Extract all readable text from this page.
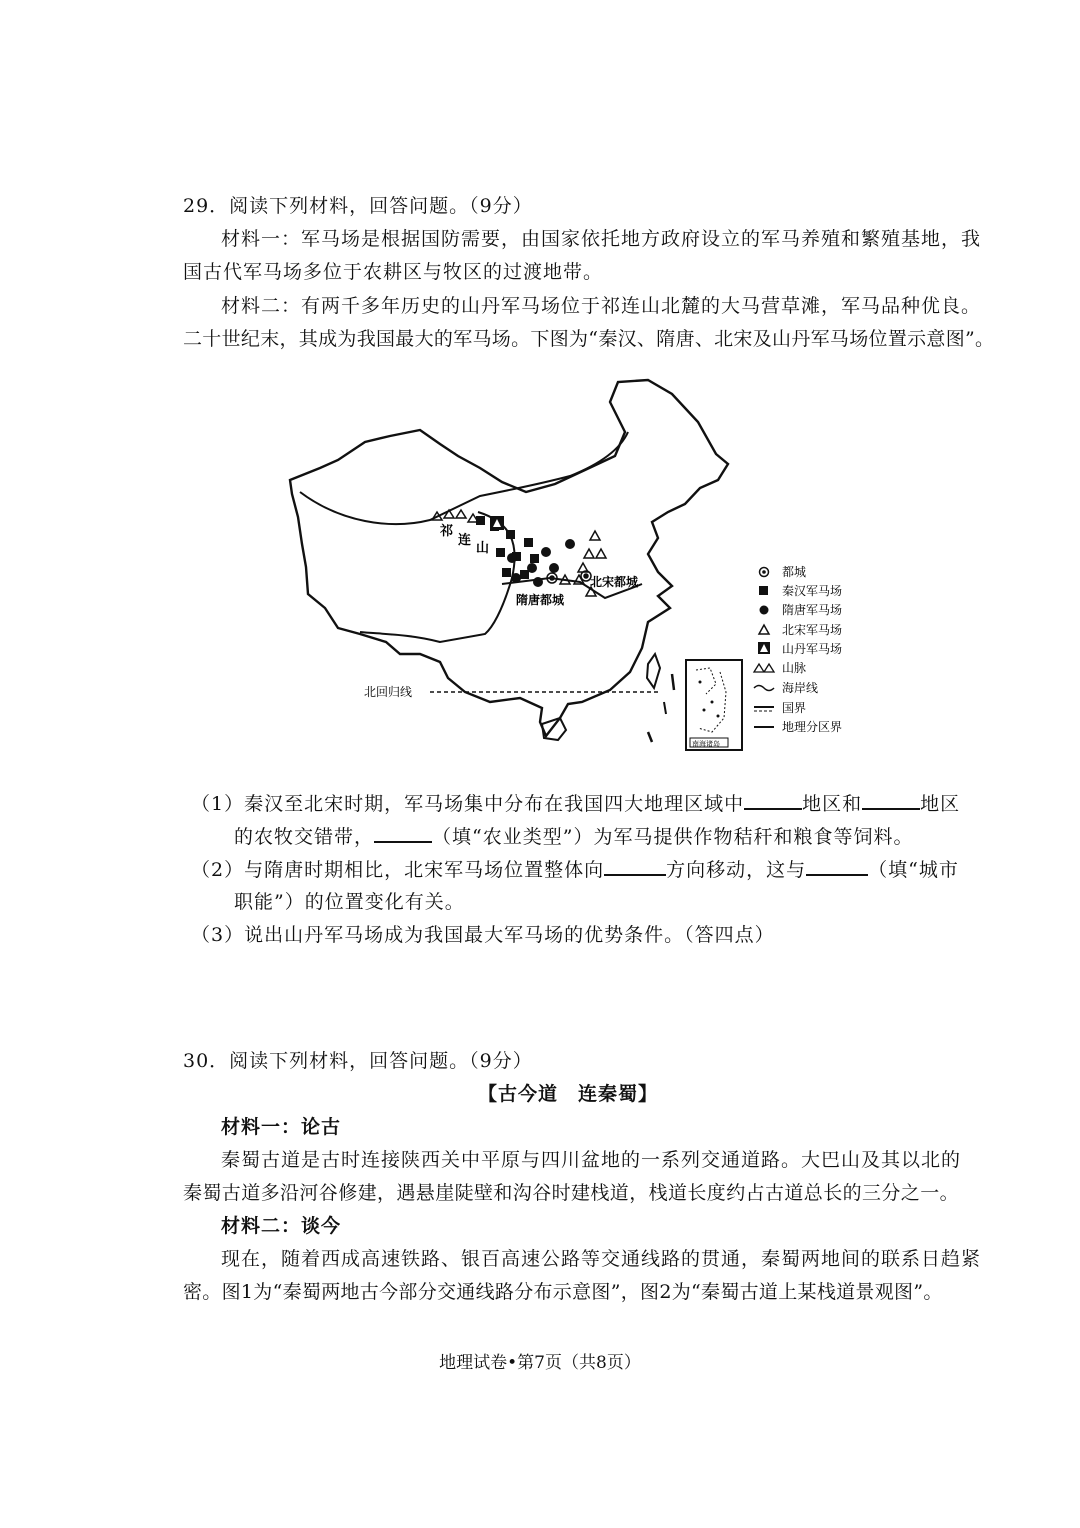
29．阅读下列材料，回答问题。（9分）
材料一：军马场是根据国防需要，由国家依托地方政府设立的军马养殖和繁殖基地，我
国古代军马场多位于农耕区与牧区的过渡地带。
材料二：有两千多年历史的山丹军马场位于祁连山北麓的大马营草滩，军马品种优良。
二十世纪末，其成为我国最大的军马场。下图为“秦汉、隋唐、北宋及山丹军马场位置示意图”。
祁
连
山
隋唐都城
北宋都城
北回归线
南海诸岛
都城
秦汉军马场
隋唐军马场
北宋军马场
山丹军马场
山脉
海岸线
国界
地理分区界
（1）秦汉至北宋时期，军马场集中分布在我国四大地理区域中	地区和	地区
的农牧交错带，	（填“农业类型”）为军马提供作物秸秆和粮食等饲料。
（2）与隋唐时期相比，北宋军马场位置整体向	方向移动，这与	（填“城市
职能”）的位置变化有关。
（3）说出山丹军马场成为我国最大军马场的优势条件。（答四点）
30．阅读下列材料，回答问题。（9分）
【古今道　连秦蜀】
材料一：论古
秦蜀古道是古时连接陕西关中平原与四川盆地的一系列交通道路。大巴山及其以北的
秦蜀古道多沿河谷修建，遇悬崖陡壁和沟谷时建栈道，栈道长度约占古道总长的三分之一。
材料二：谈今
现在，随着西成高速铁路、银百高速公路等交通线路的贯通，秦蜀两地间的联系日趋紧
密。图1为“秦蜀两地古今部分交通线路分布示意图”，图2为“秦蜀古道上某栈道景观图”。
地理试卷•第7页（共8页）
